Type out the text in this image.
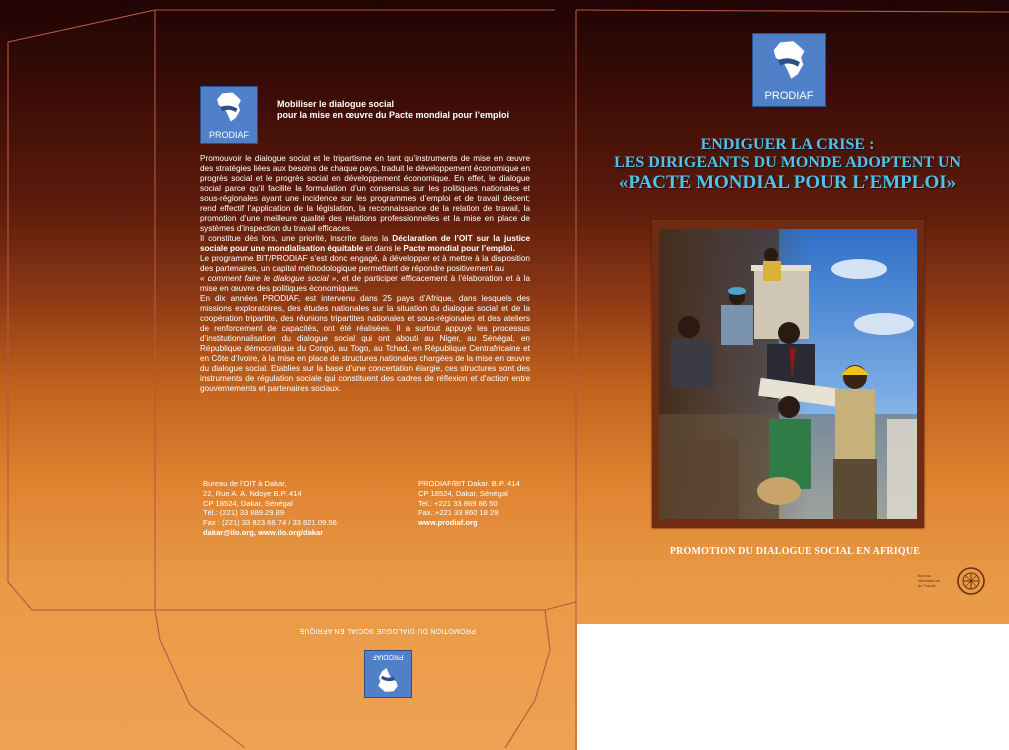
PRODIAF
Mobiliser le dialogue social
pour la mise en œuvre du Pacte mondial pour l’emploi

Promouvoir le dialogue social et le tripartisme en tant qu’instruments de mise en œuvre des stratégies liées aux besoins de chaque pays, traduit le développement économique en progrès social et le progrès social en développement économique. En effet, le dialogue social parce qu’il facilite la formulation d’un consensus sur les politiques nationales et sous-régionales ayant une incidence sur les programmes d’emploi et de travail décent; rend effectif l’application de la législation, la reconnaissance de la relation de travail, la promotion d’une meilleure qualité des relations professionnelles et la mise en place de systèmes d’inspection du travail efficaces.

Il constitue dès lors, une priorité, inscrite dans la Déclaration de l’OIT sur la justice sociale pour une mondialisation équitable et dans le Pacte mondial pour l’emploi.

Le programme BIT/PRODIAF s’est donc engagé, à développer et à mettre à la disposition des partenaires, un capital méthodologique permettant de répondre positivement au

« comment faire le dialogue social », et de participer efficacement à l’élaboration et à la mise en œuvre des politiques économiques.

En dix années PRODIAF, est intervenu dans 25 pays d’Afrique, dans lesquels des missions exploratoires, des études nationales sur la situation du dialogue social et de la coopération tripartite, des réunions tripartites nationales et sous-régionales et des ateliers de renforcement de capacités, ont été réalisées. Il a surtout appuyé les processus d’institutionnalisation du dialogue social qui ont abouti au Niger, au Sénégal, en République démocratique du Congo, au Togo, au Tchad, en République Centrafricaine et en Côte d’Ivoire, à la mise en place de structures nationales chargées de la mise en œuvre du dialogue social. Etablies sur la base d’une concertation élargie, ces structures sont des instruments de régulation sociale qui constituent des cadres de réflexion et d’action entre gouvernements et partenaires sociaux.

Bureau de l’OIT à Dakar,
22, Rue A. A. Ndoye B.P. 414
CP 18524, Dakar, Sénégal
Tél.: (221) 33 889.29.89
Fax : (221) 33 823.68.74 / 33 821.09.56
dakar@ilo.org, www.ilo.org/dakar
PRODIAF/BIT Dakar. B.P. 414
CP 18524, Dakar, Sénégal
Tel.: +221 33 869 86 50
Fax.:+221 33 860 18 29
www.prodiaf.org
PROMOTION DU DIALOGUE SOCIAL EN AFRIQUE
PRODIAF
PRODIAF
ENDIGUER LA CRISE :
LES DIRIGEANTS DU MONDE ADOPTENT UN
«PACTE MONDIAL POUR L’EMPLOI»
PROMOTION DU DIALOGUE SOCIAL EN AFRIQUE
Bureau
international
du Travail
